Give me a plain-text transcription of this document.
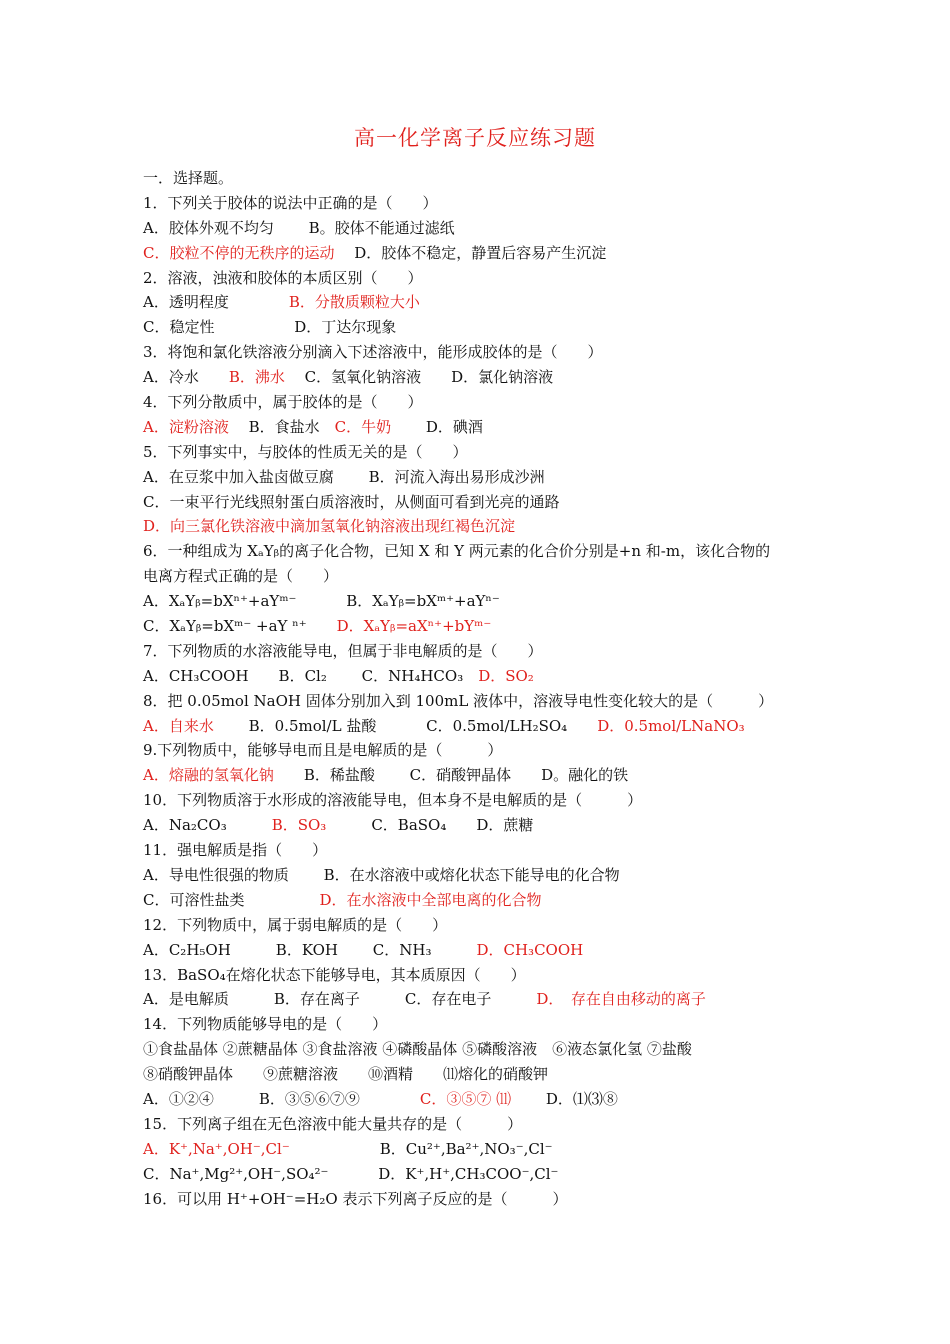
高一化学离子反应练习题
一．选择题。
1．下列关于胶体的说法中正确的是（　　）
A．胶体外观不均匀　　 B。胶体不能通过滤纸
C．胶粒不停的无秩序的运动　 D．胶体不稳定，静置后容易产生沉淀
2．溶液，浊液和胶体的本质区别（　　）
A．透明程度　　　　B．分散质颗粒大小
C．稳定性　　　　　 D．丁达尔现象
3．将饱和氯化铁溶液分别滴入下述溶液中，能形成胶体的是（　　）
A．冷水　　B．沸水　 C．氢氧化钠溶液　　D．氯化钠溶液
4．下列分散质中，属于胶体的是（　　）
A．淀粉溶液　 B．食盐水　C．牛奶　　 D．碘酒
5．下列事实中，与胶体的性质无关的是（　　）
A．在豆浆中加入盐卤做豆腐　　 B．河流入海出易形成沙洲
C．一束平行光线照射蛋白质溶液时，从侧面可看到光亮的通路
D．向三氯化铁溶液中滴加氢氧化钠溶液出现红褐色沉淀
6．一种组成为 XₐYᵦ的离子化合物，已知 X 和 Y 两元素的化合价分别是+n 和-m，该化合物的
电离方程式正确的是（　　）
A．XₐYᵦ=bXⁿ⁺+aYᵐ⁻　　　 B．XₐYᵦ=bXᵐ⁺+aYⁿ⁻
C．XₐYᵦ=bXᵐ⁻ +aY ⁿ⁺　　D．XₐYᵦ=aXⁿ⁺+bYᵐ⁻
7．下列物质的水溶液能导电，但属于非电解质的是（　　）
A．CH₃COOH　　B．Cl₂　　 C．NH₄HCO₃　D．SO₂
8．把 0.05mol NaOH 固体分别加入到 100mL 液体中，溶液导电性变化较大的是（　　　）
A．自来水　　 B．0.5mol/L 盐酸　　　 C．0.5mol/LH₂SO₄　　D．0.5mol/LNaNO₃
9.下列物质中，能够导电而且是电解质的是（　　　）
A．熔融的氢氧化钠　　B．稀盐酸　　 C．硝酸钾晶体　　D。融化的铁
10．下列物质溶于水形成的溶液能导电，但本身不是电解质的是（　　　）
A．Na₂CO₃　　　B．SO₃　　　C．BaSO₄　　D．蔗糖
11．强电解质是指（　　）
A．导电性很强的物质　　 B．在水溶液中或熔化状态下能导电的化合物
C．可溶性盐类　　　　　D．在水溶液中全部电离的化合物
12．下列物质中，属于弱电解质的是（　　）
A．C₂H₅OH　　　B．KOH　　 C．NH₃　　　D．CH₃COOH
13．BaSO₄在熔化状态下能够导电，其本质原因（　　）
A．是电解质　　　B．存在离子　　　C．存在电子　　　D．　存在自由移动的离子
14．下列物质能够导电的是（　　）
①食盐晶体 ②蔗糖晶体 ③食盐溶液 ④磷酸晶体 ⑤磷酸溶液　⑥液态氯化氢 ⑦盐酸
⑧硝酸钾晶体　　⑨蔗糖溶液　　⑩酒精　　⑾熔化的硝酸钾
A．①②④　　　B．③⑤⑥⑦⑨　　　　C．③⑤⑦ ⑾　　 D．⑴⑶⑧
15．下列离子组在无色溶液中能大量共存的是（　　　）
A．K⁺,Na⁺,OH⁻,Cl⁻　　　　　　B．Cu²⁺,Ba²⁺,NO₃⁻,Cl⁻
C．Na⁺,Mg²⁺,OH⁻,SO₄²⁻　　　 D．K⁺,H⁺,CH₃COO⁻,Cl⁻
16．可以用 H⁺+OH⁻=H₂O 表示下列离子反应的是（　　　）
